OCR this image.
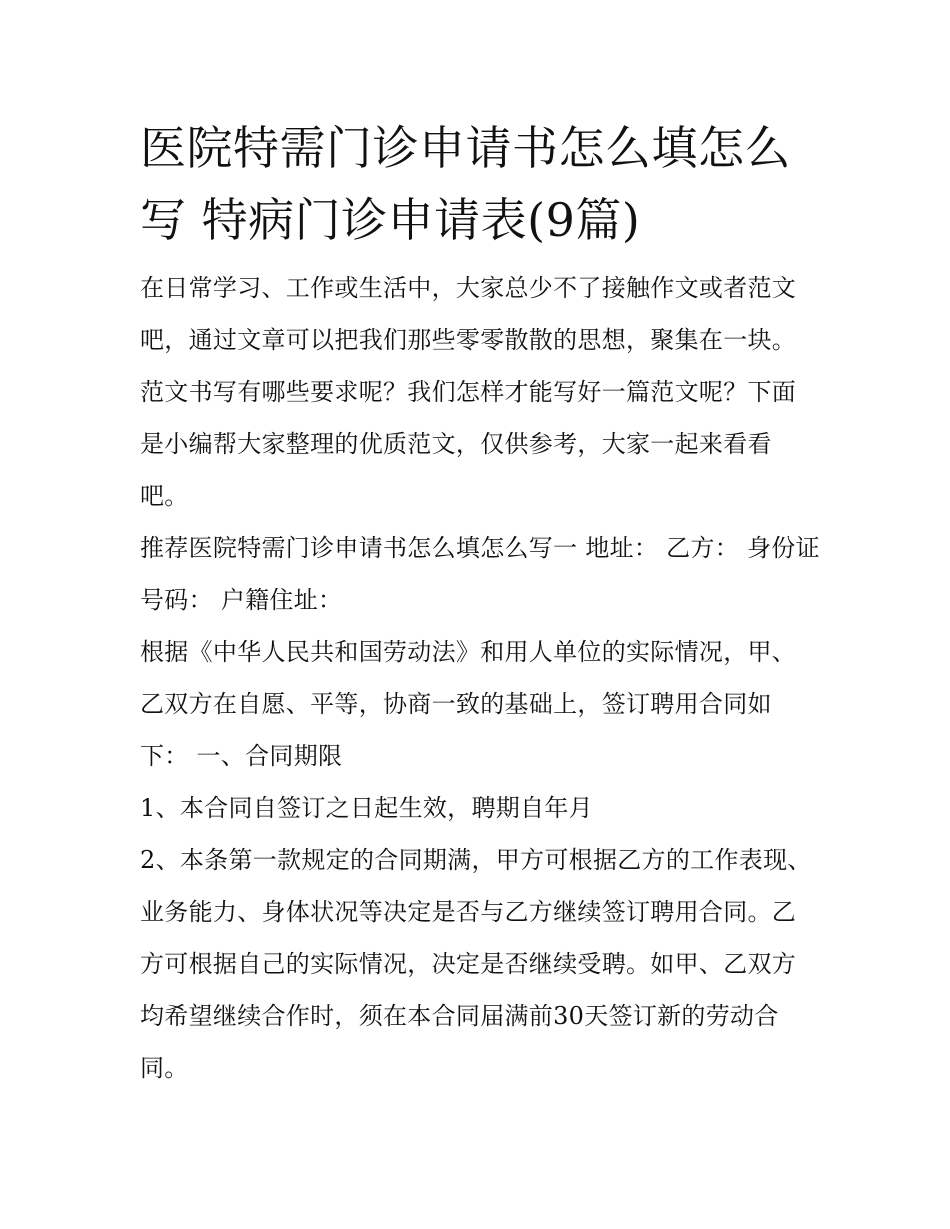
医院特需门诊申请书怎么填怎么写 特病门诊申请表(9篇)

在日常学习、工作或生活中，大家总少不了接触作文或者范文吧，通过文章可以把我们那些零零散散的思想，聚集在一块。范文书写有哪些要求呢？我们怎样才能写好一篇范文呢？下面是小编帮大家整理的优质范文，仅供参考，大家一起来看看吧。

推荐医院特需门诊申请书怎么填怎么写一 地址： 乙方： 身份证号码： 户籍住址：

根据《中华人民共和国劳动法》和用人单位的实际情况，甲、乙双方在自愿、平等，协商一致的基础上，签订聘用合同如下： 一、合同期限

1、本合同自签订之日起生效，聘期自年月

2、本条第一款规定的合同期满，甲方可根据乙方的工作表现、业务能力、身体状况等决定是否与乙方继续签订聘用合同。乙方可根据自己的实际情况，决定是否继续受聘。如甲、乙双方均希望继续合作时，须在本合同届满前30天签订新的劳动合同。
